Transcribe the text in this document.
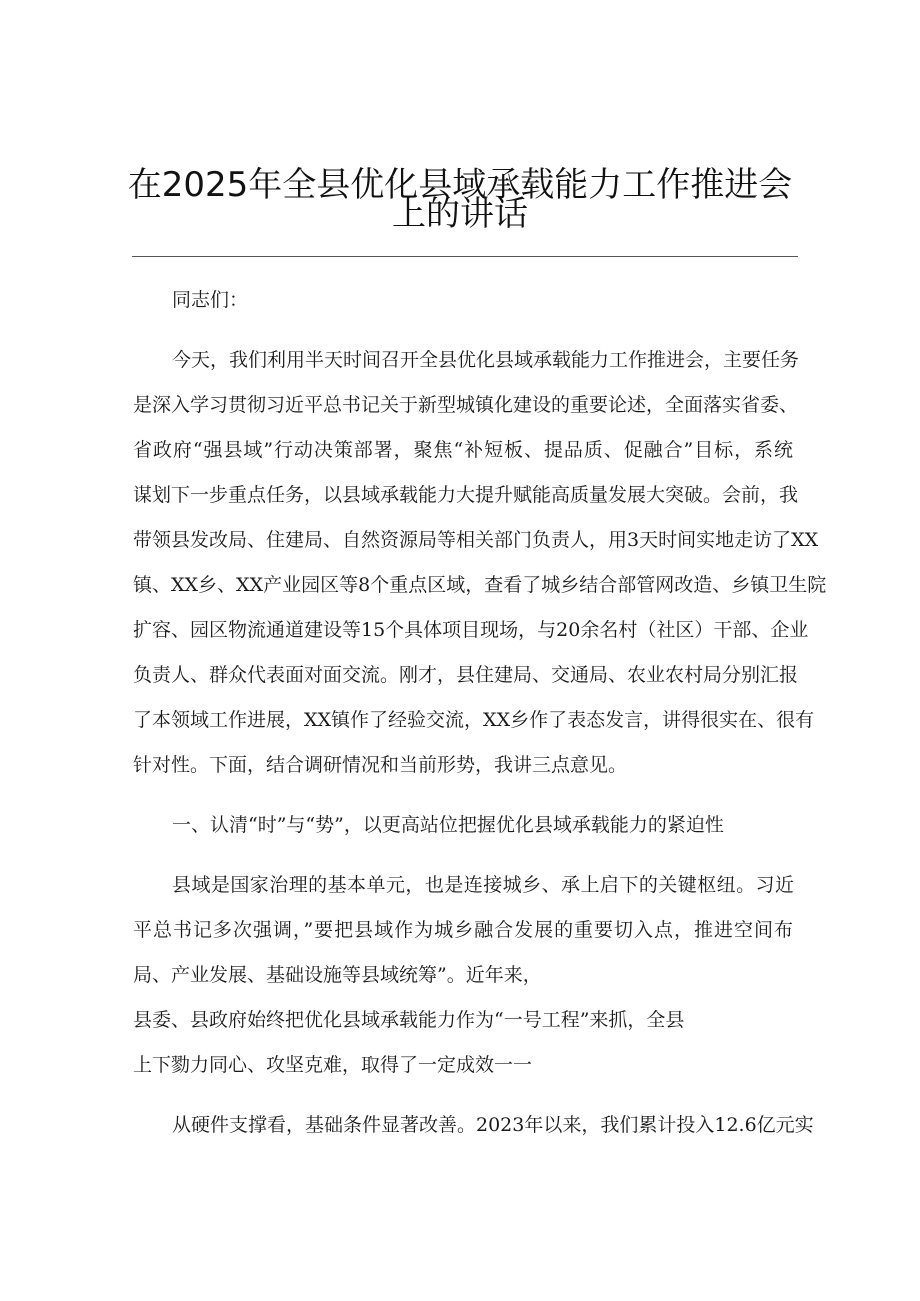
在2025年全县优化县域承载能力工作推进会
上的讲话
同志们：
今天，我们利用半天时间召开全县优化县域承载能力工作推进会，主要任务
是深入学习贯彻习近平总书记关于新型城镇化建设的重要论述，全面落实省委、
省政府“强县域”行动决策部署，聚焦“补短板、提品质、促融合”目标，系统
谋划下一步重点任务，以县域承载能力大提升赋能高质量发展大突破。会前，我
带领县发改局、住建局、自然资源局等相关部门负责人，用3天时间实地走访了XX
镇、XX乡、XX产业园区等8个重点区域，查看了城乡结合部管网改造、乡镇卫生院
扩容、园区物流通道建设等15个具体项目现场，与20余名村（社区）干部、企业
负责人、群众代表面对面交流。刚才，县住建局、交通局、农业农村局分别汇报
了本领域工作进展，XX镇作了经验交流，XX乡作了表态发言，讲得很实在、很有
针对性。下面，结合调研情况和当前形势，我讲三点意见。
一、认清“时”与“势”，以更高站位把握优化县域承载能力的紧迫性
县域是国家治理的基本单元，也是连接城乡、承上启下的关键枢纽。习近
平总书记多次强调，”要把县域作为城乡融合发展的重要切入点，推进空间布
局、产业发展、基础设施等县域统筹”。近年来，
县委、县政府始终把优化县域承载能力作为“一号工程”来抓，全县
上下勠力同心、攻坚克难，取得了一定成效一一
从硬件支撑看，基础条件显著改善。2023年以来，我们累计投入12.6亿元实
